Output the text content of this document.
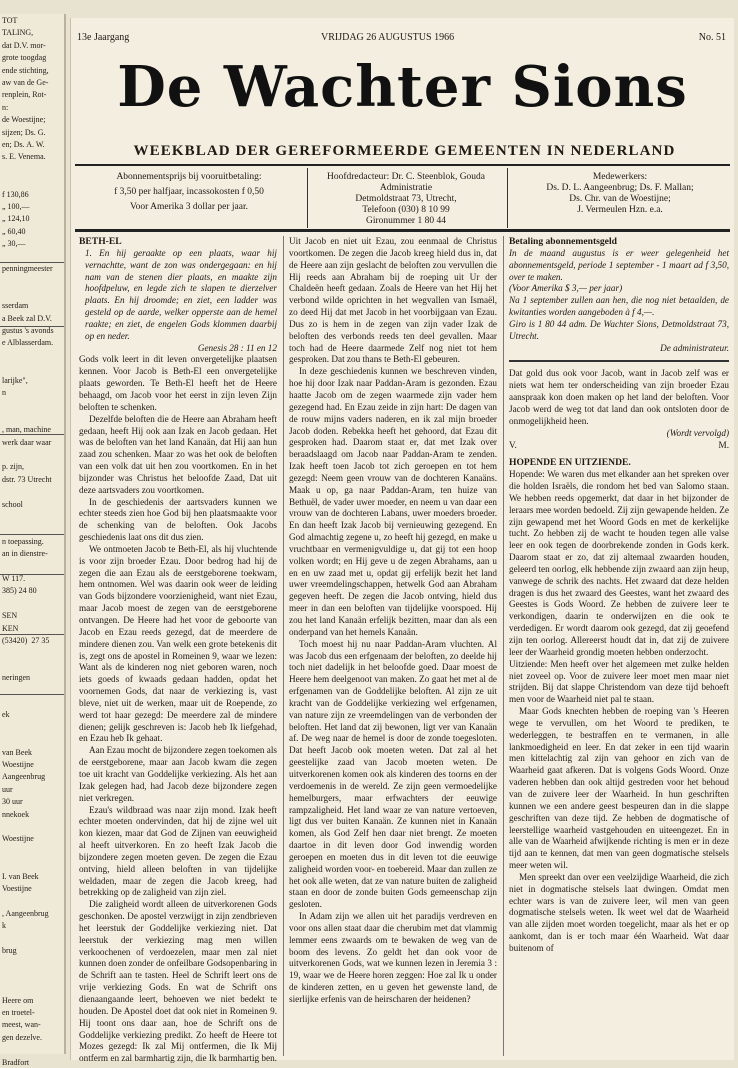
TOT
TALING,
dat D.V. mor-
grote toogdag
ende stichting,
aw van de Ge-
renplein, Rot-
n:
de Woestijne;
sijzen; Ds. G.
en; Ds. A. W.
s. E. Venema.
f 130,86
„ 100,—
„ 124,10
„ 60,40
„ 30,—
penningmeester
sserdam
a Beek zal D.V.
gustus 's avonds
e Alblasserdam.
larijke",
n
, man, machine
werk daar waar
p. zijn,
dstr. 73 Utrecht
school
n toepassing.
an in dienstre-
W 117.
385) 24 80
SEN
KEN
(53420)  27 35
neringen
ek
van Beek
Woestijne
Aangeenbrug
uur
30 uur
nnekoek
Woestijne
I. van Beek
Voestijne
, Aangeenbrug
k
brug
Heere om
en troetel-
meest, wan-
gen dezelve.
Bradfort
13e Jaargang	VRIJDAG 26 AUGUSTUS 1966	No. 51
De Wachter Sions
WEEKBLAD DER GEREFORMEERDE GEMEENTEN IN NEDERLAND
Abonnementsprijs bij vooruitbetaling:
f 3,50 per halfjaar, incassokosten f 0,50
Voor Amerika 3 dollar per jaar.
Hoofdredacteur: Dr. C. Steenblok, Gouda
Administratie
Detmoldstraat 73, Utrecht,
Telefoon (030) 8 10 99
Gironummer 1 80 44
Medewerkers:
Ds. D. L. Aangeenbrug; Ds. F. Mallan;
Ds. Chr. van de Woestijne;
J. Vermeulen Hzn. e.a.

BETH-EL

1. En hij geraakte op een plaats, waar hij vernachtte, want de zon was ondergegaan: en hij nam van de stenen dier plaats, en maakte zijn hoofdpeluw, en legde zich te slapen te dierzelver plaats. En hij droomde; en ziet, een ladder was gesteld op de aarde, welker opperste aan de hemel raakte; en ziet, de engelen Gods klommen daarbij op en neder.

Genesis 28 : 11 en 12

Gods volk leert in dit leven onvergetelijke plaatsen kennen. Voor Jacob is Beth-El een onvergetelijke plaats geworden. Te Beth-El heeft het de Heere behaagd, om Jacob voor het eerst in zijn leven Zijn beloften te schenken.

Dezelfde beloften die de Heere aan Abraham heeft gedaan, heeft Hij ook aan Izak en Jacob gedaan. Het was de beloften van het land Kanaän, dat Hij aan hun zaad zou schenken. Maar zo was het ook de beloften van een volk dat uit hen zou voortkomen. En in het bijzonder was Christus het beloofde Zaad, Dat uit deze aartsvaders zou voortkomen.

In de geschiedenis der aartsvaders kunnen we echter steeds zien hoe God bij hen plaatsmaakte voor de schenking van de beloften. Ook Jacobs geschiedenis laat ons dit dus zien.

We ontmoeten Jacob te Beth-El, als hij vluchtende is voor zijn broeder Ezau. Door bedrog had hij de zegen die aan Ezau als de eerstgeborene toekwam, hem ontnomen. Wel was daarin ook weer de leiding van Gods bijzondere voorzienigheid, want niet Ezau, maar Jacob moest de zegen van de eerstgeborene ontvangen. De Heere had het voor de geboorte van Jacob en Ezau reeds gezegd, dat de meerdere de mindere dienen zou. Van welk een grote betekenis dit is, zegt ons de apostel in Romeinen 9, waar we lezen: Want als de kinderen nog niet geboren waren, noch iets goeds of kwaads gedaan hadden, opdat het voornemen Gods, dat naar de verkiezing is, vast bleve, niet uit de werken, maar uit de Roepende, zo werd tot haar gezegd: De meerdere zal de mindere dienen; gelijk geschreven is: Jacob heb Ik liefgehad, en Ezau heb Ik gehaat.

Aan Ezau mocht de bijzondere zegen toekomen als de eerstgeborene, maar aan Jacob kwam die zegen toe uit kracht van Goddelijke verkiezing. Als het aan Izak gelegen had, had Jacob deze bijzondere zegen niet verkregen.

Ezau's wildbraad was naar zijn mond. Izak heeft echter moeten ondervinden, dat hij de zijne wel uit kon kiezen, maar dat God de Zijnen van eeuwigheid al heeft uitverkoren. En zo heeft Izak Jacob die bijzondere zegen moeten geven. De zegen die Ezau ontving, hield alleen beloften in van tijdelijke weldaden, maar de zegen die Jacob kreeg, had betrekking op de zaligheid van zijn ziel.

Die zaligheid wordt alleen de uitverkorenen Gods geschonken. De apostel verzwijgt in zijn zendbrieven het leerstuk der Goddelijke verkiezing niet. Dat leerstuk der verkiezing mag men willen verkoochenen of verdoezelen, maar men zal niet kunnen doen zonder de onfeilbare Godsopenbaring in de Schrift aan te tasten. Heel de Schrift leert ons de vrije verkiezing Gods. En wat de Schrift ons dienaangaande leert, behoeven we niet bedekt te houden. De Apostel doet dat ook niet in Romeinen 9. Hij toont ons daar aan, hoe de Schrift ons de Goddelijke verkiezing predikt. Zo heeft de Heere tot Mozes gezegd: Ik zal Mij ontfermen, die Ik Mij ontferm en zal barmhartig zijn, die Ik barmhartig ben.

Uit Jacob en niet uit Ezau, zou eenmaal de Christus voortkomen. De zegen die Jacob kreeg hield dus in, dat de Heere aan zijn geslacht de beloften zou vervullen die Hij reeds aan Abraham bij de roeping uit Ur der Chaldeën heeft gedaan. Zoals de Heere van het Hij het verbond wilde oprichten in het wegvallen van Ismaël, zo deed Hij dat met Jacob in het voorbijgaan van Ezau. Dus zo is hem in de zegen van zijn vader Izak de beloften des verbonds reeds ten deel gevallen. Maar toch had de Heere daarmede Zelf nog niet tot hem gesproken. Dat zou thans te Beth-El gebeuren.

In deze geschiedenis kunnen we beschreven vinden, hoe hij door Izak naar Paddan-Aram is gezonden. Ezau haatte Jacob om de zegen waarmede zijn vader hem gezegend had. En Ezau zeide in zijn hart: De dagen van de rouw mijns vaders naderen, en ik zal mijn broeder Jacob doden. Rebekka heeft het gehoord, dat Ezau dit gesproken had. Daarom staat er, dat met Izak over beraadslaagd om Jacob naar Paddan-Aram te zenden. Izak heeft toen Jacob tot zich geroepen en tot hem gezegd: Neem geen vrouw van de dochteren Kanaäns. Maak u op, ga naar Paddan-Aram, ten huize van Bethuël, de vader uwer moeder, en neem u van daar een vrouw van de dochteren Labans, uwer moeders broeder. En dan heeft Izak Jacob bij vernieuwing gezegend. En God almachtig zegene u, zo heeft hij gezegd, en make u vruchtbaar en vermenigvuldige u, dat gij tot een hoop volken wordt; en Hij geve u de zegen Abrahams, aan u en en uw zaad met u, opdat gij erfelijk bezit het land uwer vreemdelingschappen, hetwelk God aan Abraham gegeven heeft. De zegen die Jacob ontving, hield dus meer in dan een beloften van tijdelijke voorspoed. Hij zou het land Kanaän erfelijk bezitten, maar dan als een onderpand van het hemels Kanaän.

Toch moest hij nu naar Paddan-Aram vluchten. Al was Jacob dus een erfgenaam der beloften, zo deelde hij toch niet dadelijk in het beloofde goed. Daar moest de Heere hem deelgenoot van maken. Zo gaat het met al de erfgenamen van de Goddelijke beloften. Al zijn ze uit kracht van de Goddelijke verkiezing wel erfgenamen, van nature zijn ze vreemdelingen van de verbonden der beloften. Het land dat zij bewonen, ligt ver van Kanaän af. De weg naar de hemel is door de zonde toegesloten. Dat heeft Jacob ook moeten weten. Dat zal al het geestelijke zaad van Jacob moeten weten. De uitverkorenen komen ook als kinderen des toorns en der verdoemenis in de wereld. Ze zijn geen vermoedelijke hemelburgers, maar erfwachters der eeuwige rampzaligheid. Het land waar ze van nature vertoeven, ligt dus ver buiten Kanaän. Ze kunnen niet in Kanaän komen, als God Zelf hen daar niet brengt. Ze moeten daartoe in dit leven door God inwendig worden geroepen en moeten dus in dit leven tot die eeuwige zaligheid worden voor- en toebereid. Maar dan zullen ze het ook alle weten, dat ze van nature buiten de zaligheid staan en door de zonde buiten Gods gemeenschap zijn gesloten.

In Adam zijn we allen uit het paradijs verdreven en voor ons allen staat daar die cherubim met dat vlammig lemmer eens zwaards om te bewaken de weg van de boom des levens. Zo geldt het dan ook voor de uitverkorenen Gods, wat we kunnen lezen in Jeremia 3 : 19, waar we de Heere horen zeggen: Hoe zal Ik u onder de kinderen zetten, en u geven het gewenste land, de sierlijke erfenis van de heirscharen der heidenen?

Betaling abonnementsgeld

In de maand augustus is er weer gelegenheid het abonnementsgeld, periode 1 september - 1 maart ad f 3,50, over te maken.

(Voor Amerika $ 3,— per jaar)

Na 1 september zullen aan hen, die nog niet betaalden, de kwitanties worden aangeboden à f 4,—.

Giro is 1 80 44 adm. De Wachter Sions, Detmoldstraat 73, Utrecht.

De administrateur.

Dat gold dus ook voor Jacob, want in Jacob zelf was er niets wat hem ter onderscheiding van zijn broeder Ezau aanspraak kon doen maken op het land der beloften. Voor Jacob werd de weg tot dat land dan ook ontsloten door de onmogelijkheid heen.

(Wordt vervolgd)

V.	M.

HOPENDE EN UITZIENDE.

Hopende: We waren dus met elkander aan het spreken over die holden Israëls, die rondom het bed van Salomo staan. We hebben reeds opgemerkt, dat daar in het bijzonder de leraars mee worden bedoeld. Zij zijn gewapende helden. Ze zijn gewapend met het Woord Gods en met de kerkelijke tucht. Zo hebben zij de wacht te houden tegen alle valse leer en ook tegen de doorbrekende zonden in Gods kerk. Daarom staat er zo, dat zij altemaal zwaarden houden, geleerd ten oorlog, elk hebbende zijn zwaard aan zijn heup, vanwege de schrik des nachts. Het zwaard dat deze helden dragen is dus het zwaard des Geestes, want het zwaard des Geestes is Gods Woord. Ze hebben de zuivere leer te verkondigen, daarin te onderwijzen en die ook te verdedigen. Er wordt daarom ook gezegd, dat zij geoefend zijn ten oorlog. Allereerst houdt dat in, dat zij de zuivere leer der Waarheid grondig moeten hebben onderzocht.

Uitziende: Men heeft over het algemeen met zulke helden niet zoveel op. Voor de zuivere leer moet men maar niet strijden. Bij dat slappe Christendom van deze tijd behoeft men voor de Waarheid niet pal te staan.

Maar Gods knechten hebben de roeping van 's Heeren wege te vervullen, om het Woord te prediken, te wederleggen, te bestraffen en te vermanen, in alle lankmoedigheid en leer. En dat zeker in een tijd waarin men kittelachtig zal zijn van gehoor en zich van de Waarheid gaat afkeren. Dat is volgens Gods Woord. Onze vaderen hebben dan ook altijd gestreden voor het behoud van de zuivere leer der Waarheid. In hun geschriften kunnen we een andere geest bespeuren dan in die slappe geschriften van deze tijd. Ze hebben de dogmatische of leerstellige waarheid vastgehouden en uiteengezet. En in alle van de Waarheid afwijkende richting is men er in deze tijd aan te kennen, dat men van geen dogmatische stelsels meer weten wil.

Men spreekt dan over een veelzijdige Waarheid, die zich niet in dogmatische stelsels laat dwingen. Omdat men echter wars is van de zuivere leer, wil men van geen dogmatische stelsels weten. Ik weet wel dat de Waarheid van alle zijden moet worden toegelicht, maar als het er op aankomt, dan is er toch maar één Waarheid. Wat daar buitenom of
